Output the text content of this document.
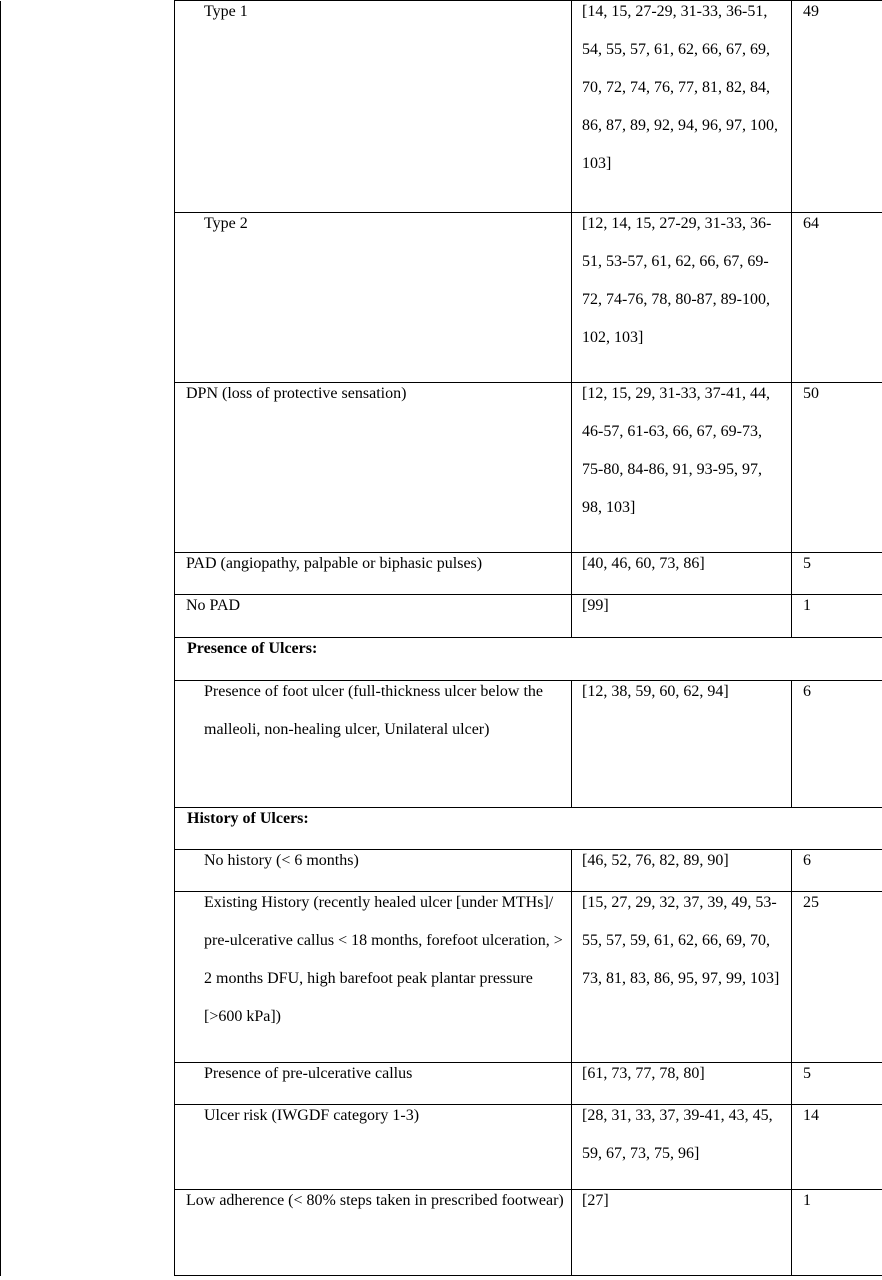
	Type 1	[14, 15, 27-29, 31-33, 36-51, 54, 55, 57, 61, 62, 66, 67, 69, 70, 72, 74, 76, 77, 81, 82, 84, 86, 87, 89, 92, 94, 96, 97, 100, 103]	49

	Type 2	[12, 14, 15, 27-29, 31-33, 36-51, 53-57, 61, 62, 66, 67, 69-72, 74-76, 78, 80-87, 89-100, 102, 103]	64

	DPN (loss of protective sensation)	[12, 15, 29, 31-33, 37-41, 44, 46-57, 61-63, 66, 67, 69-73, 75-80, 84-86, 91, 93-95, 97, 98, 103]	50

	PAD (angiopathy, palpable or biphasic pulses)	[40, 46, 60, 73, 86]	5

	No PAD	[99]	1

	Presence of Ulcers:		

	Presence of foot ulcer (full-thickness ulcer below the malleoli, non-healing ulcer, Unilateral ulcer)	[12, 38, 59, 60, 62, 94]	6

	History of Ulcers:		

	No history (< 6 months)	[46, 52, 76, 82, 89, 90]	6

	Existing History (recently healed ulcer [under MTHs]/ pre-ulcerative callus < 18 months, forefoot ulceration, > 2 months DFU, high barefoot peak plantar pressure [>600 kPa])	[15, 27, 29, 32, 37, 39, 49, 53-55, 57, 59, 61, 62, 66, 69, 70, 73, 81, 83, 86, 95, 97, 99, 103]	25

	Presence of pre-ulcerative callus	[61, 73, 77, 78, 80]	5

	Ulcer risk (IWGDF category 1-3)	[28, 31, 33, 37, 39-41, 43, 45, 59, 67, 73, 75, 96]	14

	Low adherence (< 80% steps taken in prescribed footwear)	[27]	1
